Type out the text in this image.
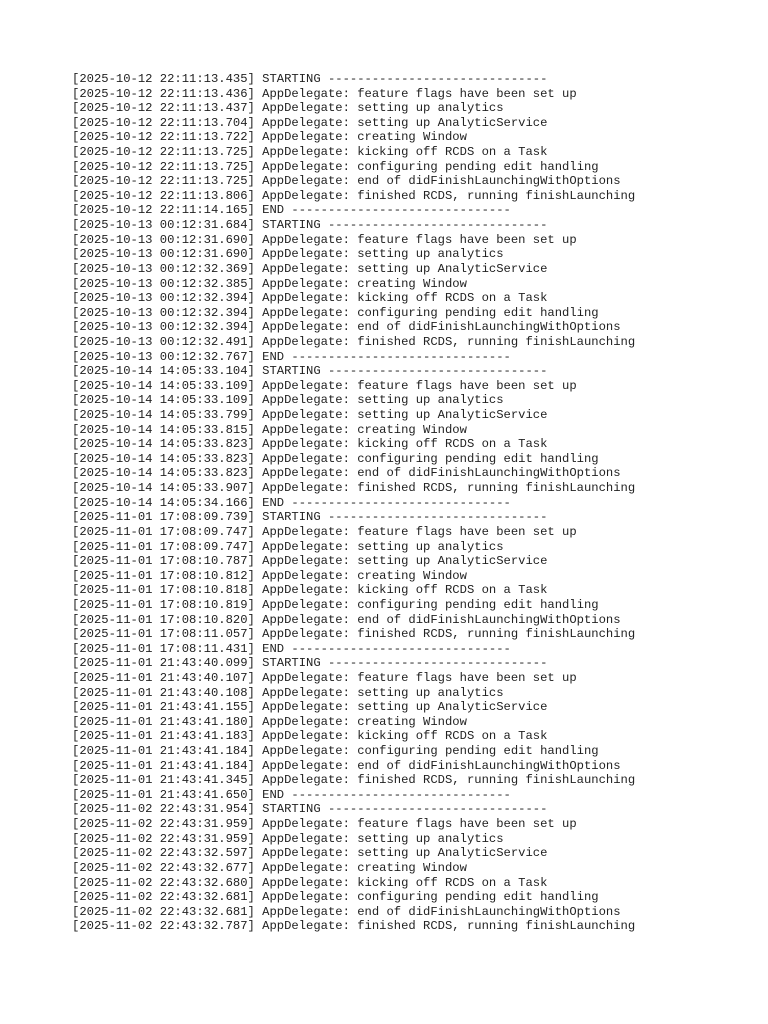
[2025-10-12 22:11:13.435] STARTING ------------------------------
[2025-10-12 22:11:13.436] AppDelegate: feature flags have been set up
[2025-10-12 22:11:13.437] AppDelegate: setting up analytics
[2025-10-12 22:11:13.704] AppDelegate: setting up AnalyticService
[2025-10-12 22:11:13.722] AppDelegate: creating Window
[2025-10-12 22:11:13.725] AppDelegate: kicking off RCDS on a Task
[2025-10-12 22:11:13.725] AppDelegate: configuring pending edit handling
[2025-10-12 22:11:13.725] AppDelegate: end of didFinishLaunchingWithOptions
[2025-10-12 22:11:13.806] AppDelegate: finished RCDS, running finishLaunching
[2025-10-12 22:11:14.165] END ------------------------------
[2025-10-13 00:12:31.684] STARTING ------------------------------
[2025-10-13 00:12:31.690] AppDelegate: feature flags have been set up
[2025-10-13 00:12:31.690] AppDelegate: setting up analytics
[2025-10-13 00:12:32.369] AppDelegate: setting up AnalyticService
[2025-10-13 00:12:32.385] AppDelegate: creating Window
[2025-10-13 00:12:32.394] AppDelegate: kicking off RCDS on a Task
[2025-10-13 00:12:32.394] AppDelegate: configuring pending edit handling
[2025-10-13 00:12:32.394] AppDelegate: end of didFinishLaunchingWithOptions
[2025-10-13 00:12:32.491] AppDelegate: finished RCDS, running finishLaunching
[2025-10-13 00:12:32.767] END ------------------------------
[2025-10-14 14:05:33.104] STARTING ------------------------------
[2025-10-14 14:05:33.109] AppDelegate: feature flags have been set up
[2025-10-14 14:05:33.109] AppDelegate: setting up analytics
[2025-10-14 14:05:33.799] AppDelegate: setting up AnalyticService
[2025-10-14 14:05:33.815] AppDelegate: creating Window
[2025-10-14 14:05:33.823] AppDelegate: kicking off RCDS on a Task
[2025-10-14 14:05:33.823] AppDelegate: configuring pending edit handling
[2025-10-14 14:05:33.823] AppDelegate: end of didFinishLaunchingWithOptions
[2025-10-14 14:05:33.907] AppDelegate: finished RCDS, running finishLaunching
[2025-10-14 14:05:34.166] END ------------------------------
[2025-11-01 17:08:09.739] STARTING ------------------------------
[2025-11-01 17:08:09.747] AppDelegate: feature flags have been set up
[2025-11-01 17:08:09.747] AppDelegate: setting up analytics
[2025-11-01 17:08:10.787] AppDelegate: setting up AnalyticService
[2025-11-01 17:08:10.812] AppDelegate: creating Window
[2025-11-01 17:08:10.818] AppDelegate: kicking off RCDS on a Task
[2025-11-01 17:08:10.819] AppDelegate: configuring pending edit handling
[2025-11-01 17:08:10.820] AppDelegate: end of didFinishLaunchingWithOptions
[2025-11-01 17:08:11.057] AppDelegate: finished RCDS, running finishLaunching
[2025-11-01 17:08:11.431] END ------------------------------
[2025-11-01 21:43:40.099] STARTING ------------------------------
[2025-11-01 21:43:40.107] AppDelegate: feature flags have been set up
[2025-11-01 21:43:40.108] AppDelegate: setting up analytics
[2025-11-01 21:43:41.155] AppDelegate: setting up AnalyticService
[2025-11-01 21:43:41.180] AppDelegate: creating Window
[2025-11-01 21:43:41.183] AppDelegate: kicking off RCDS on a Task
[2025-11-01 21:43:41.184] AppDelegate: configuring pending edit handling
[2025-11-01 21:43:41.184] AppDelegate: end of didFinishLaunchingWithOptions
[2025-11-01 21:43:41.345] AppDelegate: finished RCDS, running finishLaunching
[2025-11-01 21:43:41.650] END ------------------------------
[2025-11-02 22:43:31.954] STARTING ------------------------------
[2025-11-02 22:43:31.959] AppDelegate: feature flags have been set up
[2025-11-02 22:43:31.959] AppDelegate: setting up analytics
[2025-11-02 22:43:32.597] AppDelegate: setting up AnalyticService
[2025-11-02 22:43:32.677] AppDelegate: creating Window
[2025-11-02 22:43:32.680] AppDelegate: kicking off RCDS on a Task
[2025-11-02 22:43:32.681] AppDelegate: configuring pending edit handling
[2025-11-02 22:43:32.681] AppDelegate: end of didFinishLaunchingWithOptions
[2025-11-02 22:43:32.787] AppDelegate: finished RCDS, running finishLaunching
